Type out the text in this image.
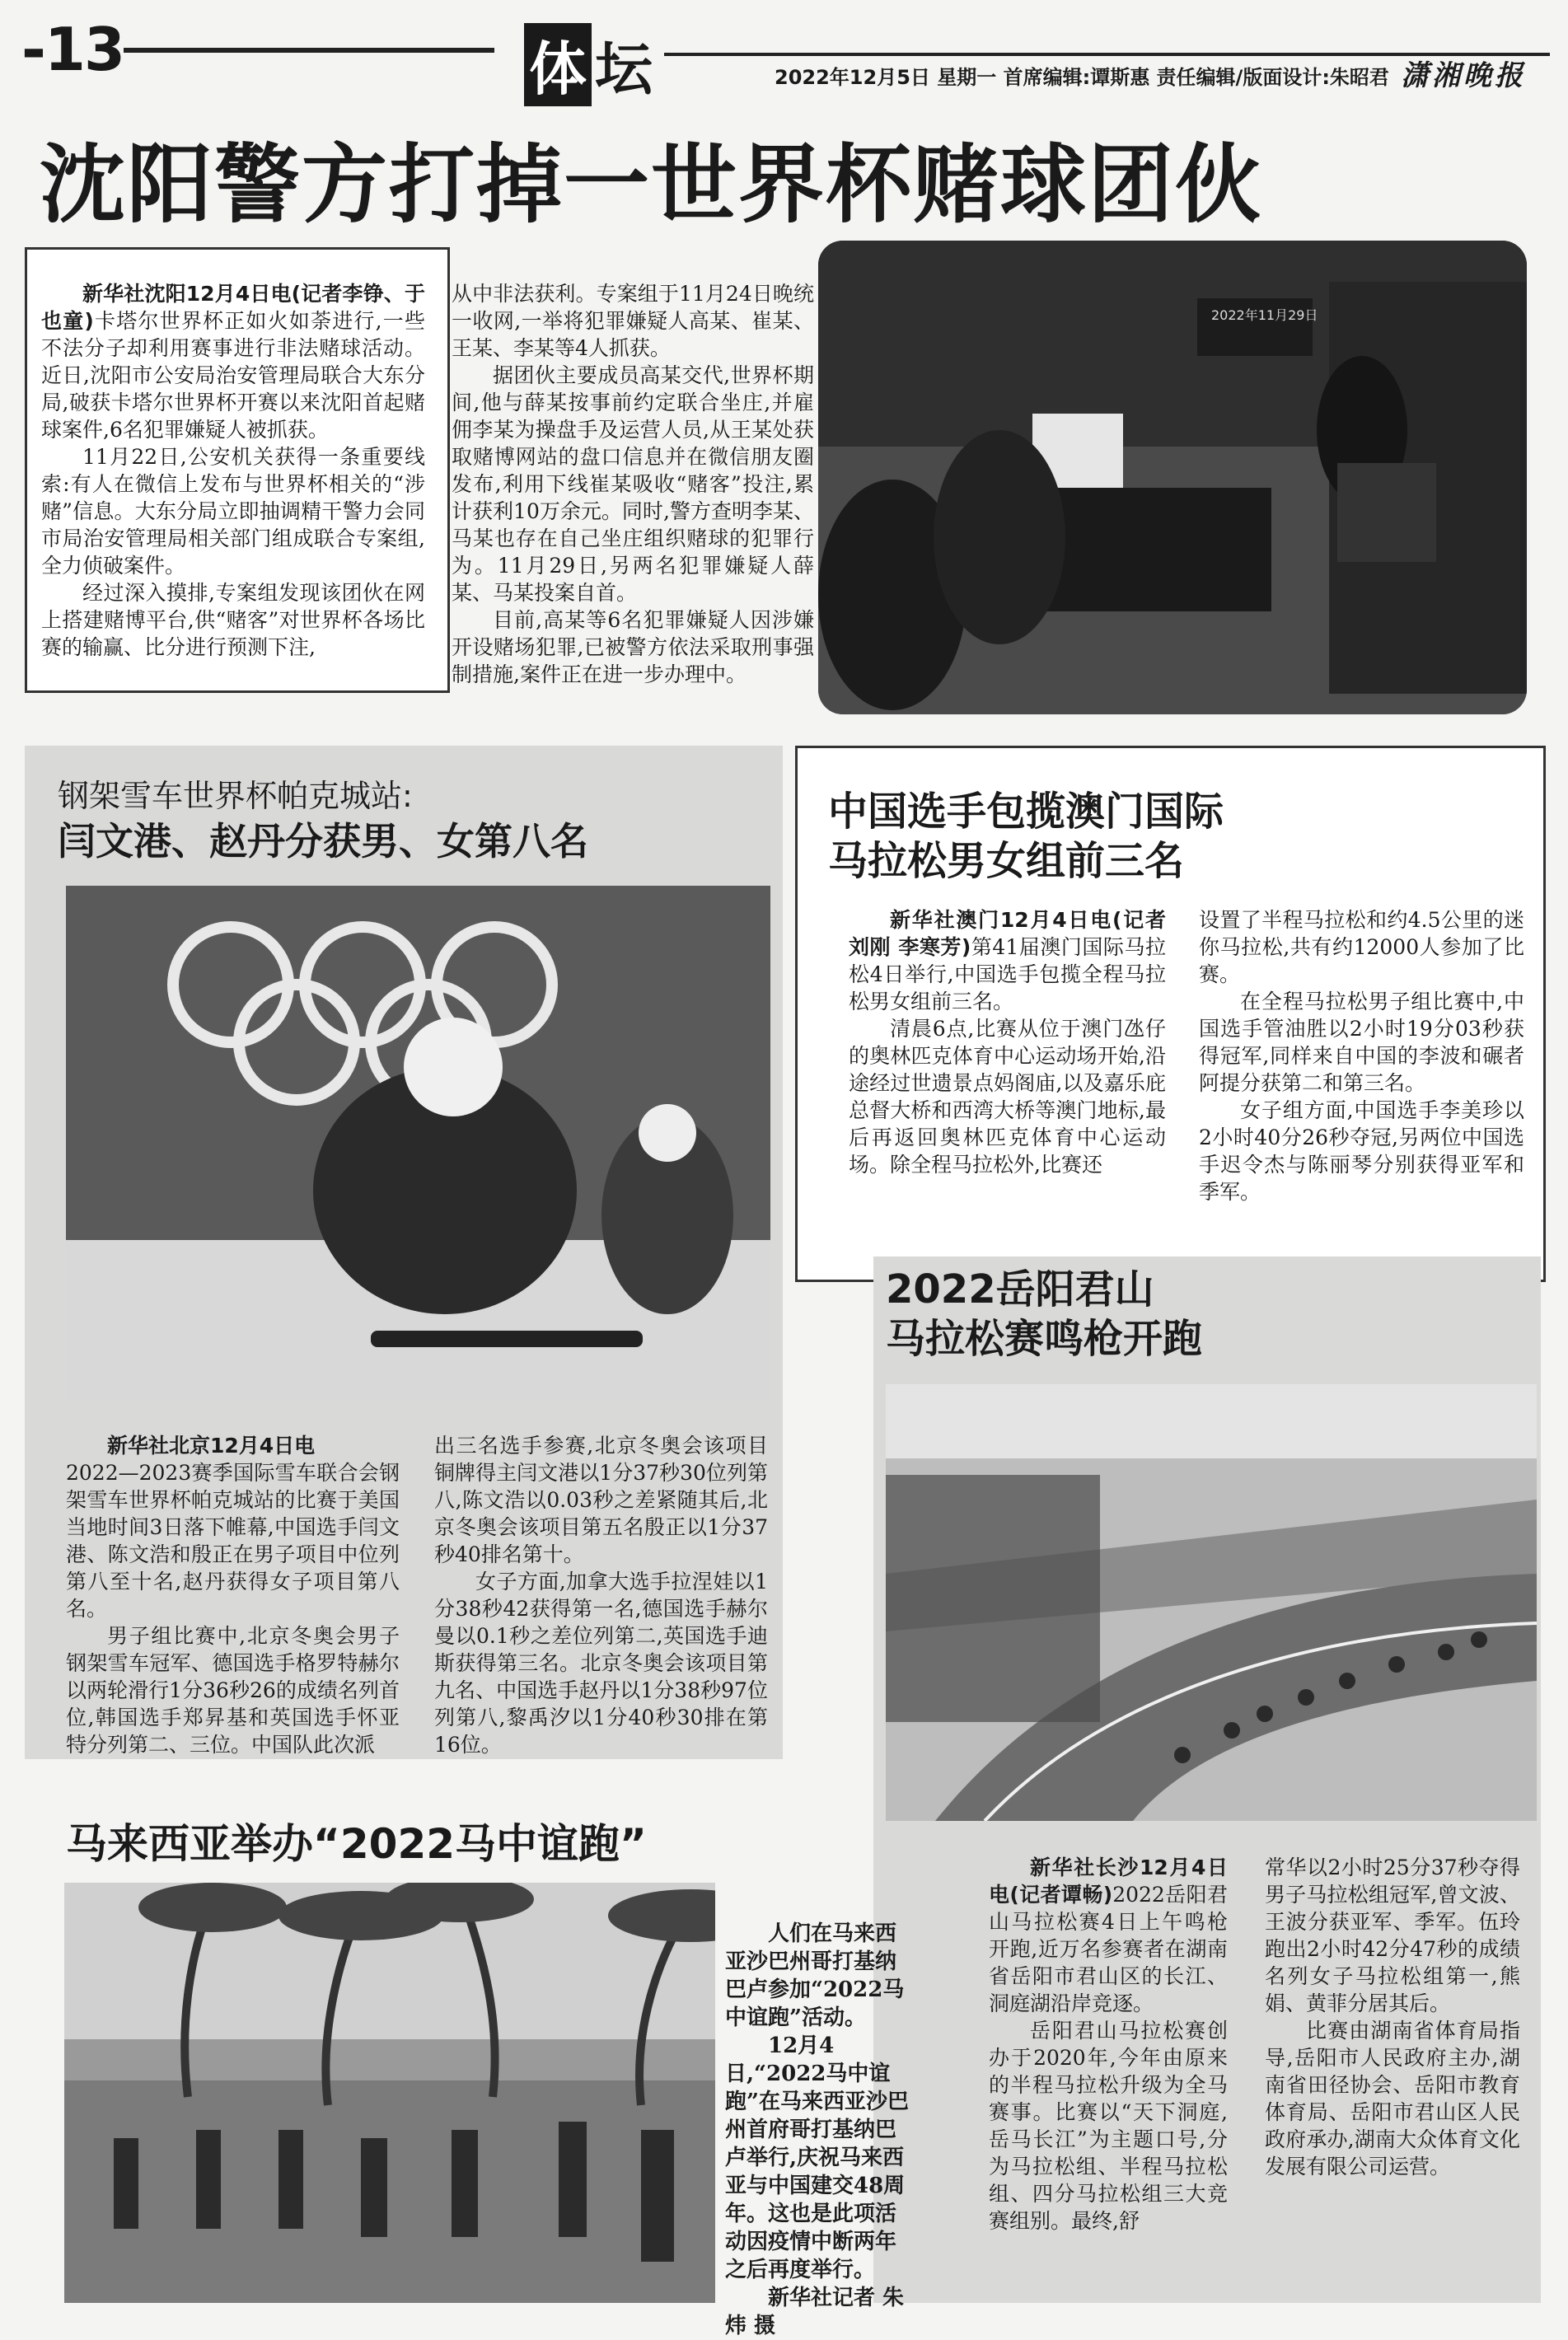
-13	体 坛	2022年12月5日 星期一 首席编辑:谭斯惠 责任编辑/版面设计:朱昭君 潇湘晚报
沈阳警方打掉一世界杯赌球团伙

新华社沈阳12月4日电(记者李铮、于也童)卡塔尔世界杯正如火如荼进行,一些不法分子却利用赛事进行非法赌球活动。近日,沈阳市公安局治安管理局联合大东分局,破获卡塔尔世界杯开赛以来沈阳首起赌球案件,6名犯罪嫌疑人被抓获。

11月22日,公安机关获得一条重要线索:有人在微信上发布与世界杯相关的“涉赌”信息。大东分局立即抽调精干警力会同市局治安管理局相关部门组成联合专案组,全力侦破案件。

经过深入摸排,专案组发现该团伙在网上搭建赌博平台,供“赌客”对世界杯各场比赛的输赢、比分进行预测下注,

从中非法获利。专案组于11月24日晚统一收网,一举将犯罪嫌疑人高某、崔某、王某、李某等4人抓获。

据团伙主要成员高某交代,世界杯期间,他与薛某按事前约定联合坐庄,并雇佣李某为操盘手及运营人员,从王某处获取赌博网站的盘口信息并在微信朋友圈发布,利用下线崔某吸收“赌客”投注,累计获利10万余元。同时,警方查明李某、马某也存在自己坐庄组织赌球的犯罪行为。11月29日,另两名犯罪嫌疑人薛某、马某投案自首。

目前,高某等6名犯罪嫌疑人因涉嫌开设赌场犯罪,已被警方依法采取刑事强制措施,案件正在进一步办理中。

2022年11月29日
钢架雪车世界杯帕克城站:
闫文港、赵丹分获男、女第八名

新华社北京12月4日电

2022—2023赛季国际雪车联合会钢架雪车世界杯帕克城站的比赛于美国当地时间3日落下帷幕,中国选手闫文港、陈文浩和殷正在男子项目中位列第八至十名,赵丹获得女子项目第八名。

男子组比赛中,北京冬奥会男子钢架雪车冠军、德国选手格罗特赫尔以两轮滑行1分36秒26的成绩名列首位,韩国选手郑昇基和英国选手怀亚特分列第二、三位。中国队此次派

出三名选手参赛,北京冬奥会该项目铜牌得主闫文港以1分37秒30位列第八,陈文浩以0.03秒之差紧随其后,北京冬奥会该项目第五名殷正以1分37秒40排名第十。

女子方面,加拿大选手拉涅娃以1分38秒42获得第一名,德国选手赫尔曼以0.1秒之差位列第二,英国选手迪斯获得第三名。北京冬奥会该项目第九名、中国选手赵丹以1分38秒97位列第八,黎禹汐以1分40秒30排在第16位。

中国选手包揽澳门国际
马拉松男女组前三名

新华社澳门12月4日电(记者刘刚 李寒芳)第41届澳门国际马拉松4日举行,中国选手包揽全程马拉松男女组前三名。

清晨6点,比赛从位于澳门氹仔的奥林匹克体育中心运动场开始,沿途经过世遗景点妈阁庙,以及嘉乐庇总督大桥和西湾大桥等澳门地标,最后再返回奥林匹克体育中心运动场。除全程马拉松外,比赛还

设置了半程马拉松和约4.5公里的迷你马拉松,共有约12000人参加了比赛。

在全程马拉松男子组比赛中,中国选手管油胜以2小时19分03秒获得冠军,同样来自中国的李波和碾者阿提分获第二和第三名。

女子组方面,中国选手李美珍以2小时40分26秒夺冠,另两位中国选手迟令杰与陈丽琴分别获得亚军和季军。

2022岳阳君山
马拉松赛鸣枪开跑

新华社长沙12月4日电(记者谭畅)2022岳阳君山马拉松赛4日上午鸣枪开跑,近万名参赛者在湖南省岳阳市君山区的长江、洞庭湖沿岸竞逐。

岳阳君山马拉松赛创办于2020年,今年由原来的半程马拉松升级为全马赛事。比赛以“天下洞庭,岳马长江”为主题口号,分为马拉松组、半程马拉松组、四分马拉松组三大竞赛组别。最终,舒

常华以2小时25分37秒夺得男子马拉松组冠军,曾文波、王波分获亚军、季军。伍玲跑出2小时42分47秒的成绩名列女子马拉松组第一,熊娟、黄菲分居其后。

比赛由湖南省体育局指导,岳阳市人民政府主办,湖南省田径协会、岳阳市教育体育局、岳阳市君山区人民政府承办,湖南大众体育文化发展有限公司运营。

马来西亚举办“2022马中谊跑”

人们在马来西亚沙巴州哥打基纳巴卢参加“2022马中谊跑”活动。

12月4日,“2022马中谊跑”在马来西亚沙巴州首府哥打基纳巴卢举行,庆祝马来西亚与中国建交48周年。这也是此项活动因疫情中断两年之后再度举行。

新华社记者 朱炜 摄
